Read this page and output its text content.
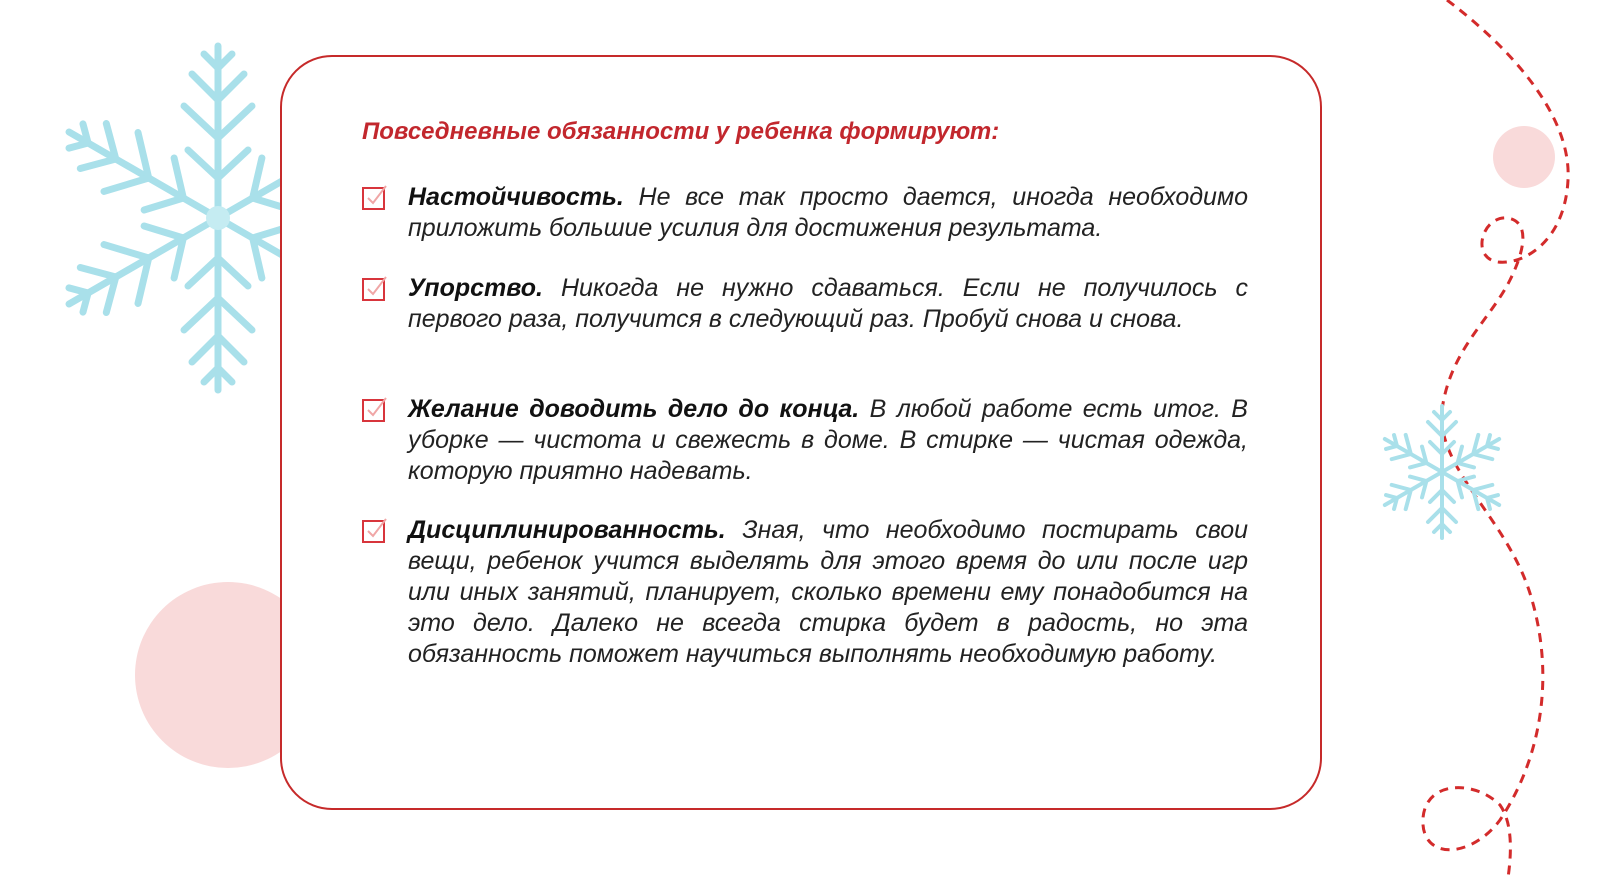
Повседневные обязанности у ребенка формируют:

Настойчивость. Не все так просто дается, иногда необходимо приложить большие усилия для достижения результата.

Упорство. Никогда не нужно сдаваться. Если не получилось с первого раза, получится в следующий раз. Пробуй снова и снова.

Желание доводить дело до конца. В любой работе есть итог. В уборке — чистота и свежесть в доме. В стирке — чистая одежда, которую приятно надевать.

Дисциплинированность. Зная, что необходимо постирать свои вещи, ребенок учится выделять для этого время до или после игр или иных занятий, планирует, сколько времени ему понадобится на это дело. Далеко не всегда стирка будет в радость, но эта обязанность поможет научиться выполнять необходимую работу.
